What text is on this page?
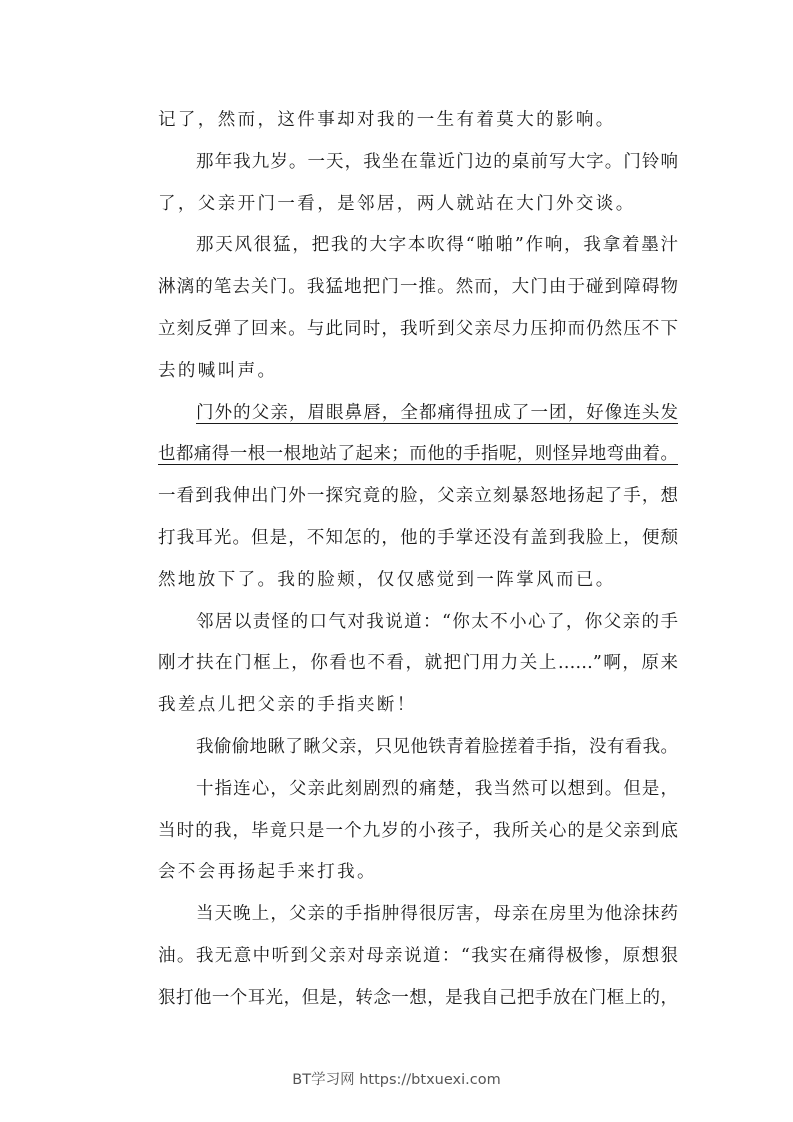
记了，然而，这件事却对我的一生有着莫大的影响。
那年我九岁。一天，我坐在靠近门边的桌前写大字。门铃响
了，父亲开门一看，是邻居，两人就站在大门外交谈。
那天风很猛，把我的大字本吹得“啪啪”作响，我拿着墨汁
淋漓的笔去关门。我猛地把门一推。然而，大门由于碰到障碍物
立刻反弹了回来。与此同时，我听到父亲尽力压抑而仍然压不下
去的喊叫声。
门外的父亲，眉眼鼻唇，全都痛得扭成了一团，好像连头发
也都痛得一根一根地站了起来；而他的手指呢，则怪异地弯曲着。
一看到我伸出门外一探究竟的脸，父亲立刻暴怒地扬起了手，想
打我耳光。但是，不知怎的，他的手掌还没有盖到我脸上，便颓
然地放下了。我的脸颊，仅仅感觉到一阵掌风而已。
邻居以责怪的口气对我说道：“你太不小心了，你父亲的手
刚才扶在门框上，你看也不看，就把门用力关上……”啊，原来
我差点儿把父亲的手指夹断！
我偷偷地瞅了瞅父亲，只见他铁青着脸搓着手指，没有看我。
十指连心，父亲此刻剧烈的痛楚，我当然可以想到。但是，
当时的我，毕竟只是一个九岁的小孩子，我所关心的是父亲到底
会不会再扬起手来打我。
当天晚上，父亲的手指肿得很厉害，母亲在房里为他涂抹药
油。我无意中听到父亲对母亲说道：“我实在痛得极惨，原想狠
狠打他一个耳光，但是，转念一想，是我自己把手放在门框上的，
BT学习网 https://btxuexi.com
